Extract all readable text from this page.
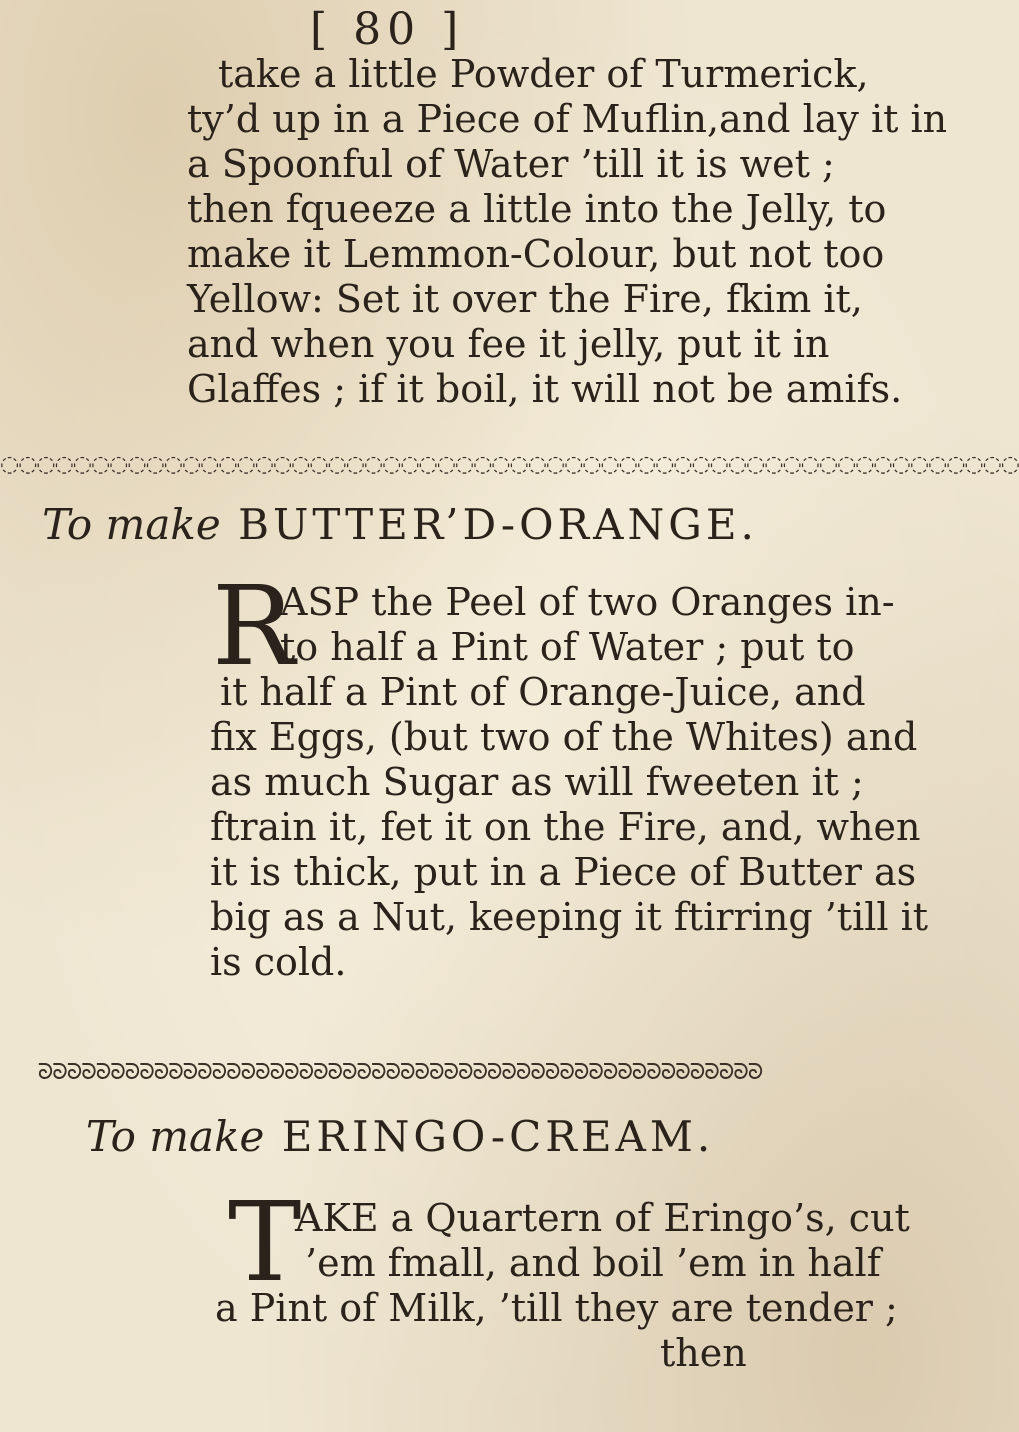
[ 80 ]
take a little Powder of Turmerick,
ty’d up in a Piece of Muflin,and lay it in
a Spoonful of Water ’till it is wet ;
then fqueeze a little into the Jelly, to
make it Lemmon-Colour, but not too
Yellow: Set it over the Fire, fkim it,
and when you fee it jelly, put it in
Glaffes ; if it boil, it will not be amifs.
◌◌◌◌◌◌◌◌◌◌◌◌◌◌◌◌◌◌◌◌◌◌◌◌◌◌◌◌◌◌◌◌◌◌◌◌◌◌◌◌◌◌◌◌◌◌◌◌◌◌◌◌◌◌◌◌
To make BUTTER’D-ORANGE.
R
ASP the Peel of two Oranges in-
to half a Pint of Water ; put to
it half a Pint of Orange-Juice, and
fix Eggs, (but two of the Whites) and
as much Sugar as will fweeten it ;
ftrain it, fet it on the Fire, and, when
it is thick, put in a Piece of Butter as
big as a Nut, keeping it ftirring ’till it
is cold.
ᘐᘐᘐᘐᘐᘐᘐᘐᘐᘐᘐᘐᘐᘐᘐᘐᘐᘐᘐᘐᘐᘐᘐᘐᘐᘐᘐᘐᘐᘐᘐᘐᘐᘐᘐᘐᘐᘐᘐᘐᘐᘐᘐᘐᘐᘐᘐᘐᘐᘐ
To make ERINGO-CREAM.
T
AKE a Quartern of Eringo’s, cut
’em fmall, and boil ’em in half
a Pint of Milk, ’till they are tender ;
then
